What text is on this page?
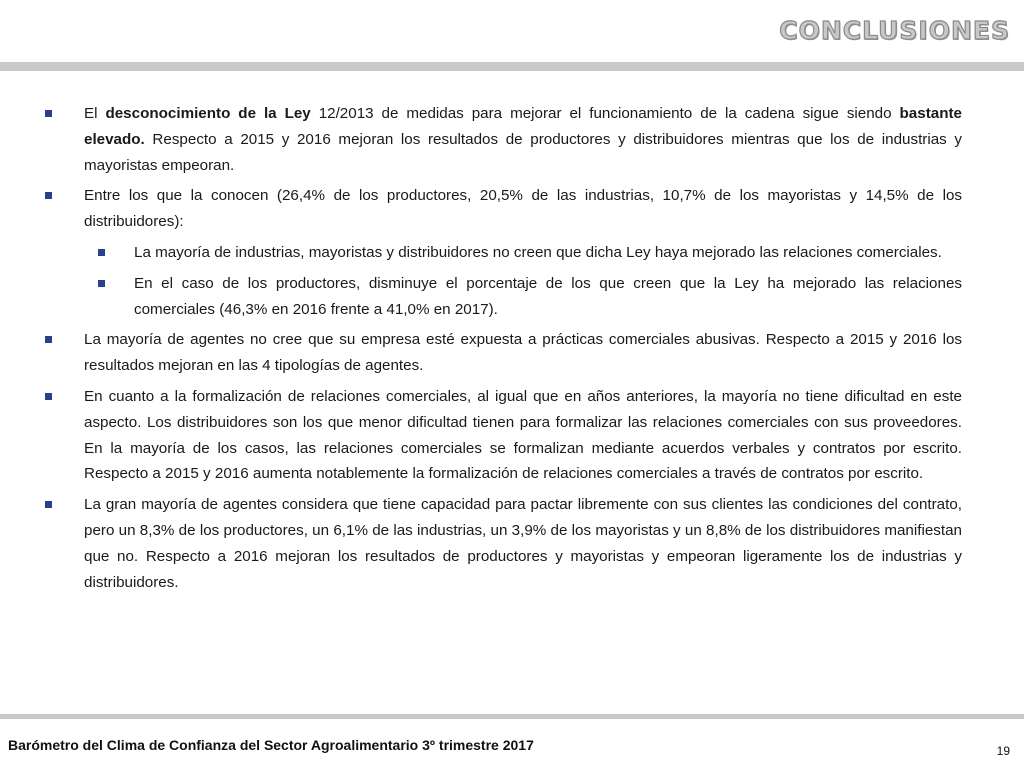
CONCLUSIONES
El desconocimiento de la Ley 12/2013 de medidas para mejorar el funcionamiento de la cadena sigue siendo bastante elevado. Respecto a 2015 y 2016 mejoran los resultados de productores y distribuidores mientras que los de industrias y mayoristas empeoran.
Entre los que la conocen (26,4% de los productores, 20,5% de las industrias, 10,7% de los mayoristas y 14,5% de los distribuidores):
La mayoría de industrias, mayoristas y distribuidores no creen que dicha Ley haya mejorado las relaciones comerciales.
En el caso de los productores, disminuye el porcentaje de los que creen que la Ley ha mejorado las relaciones comerciales (46,3% en 2016 frente a 41,0% en 2017).
La mayoría de agentes no cree que su empresa esté expuesta a prácticas comerciales abusivas. Respecto a 2015 y 2016 los resultados mejoran en las 4 tipologías de agentes.
En cuanto a la formalización de relaciones comerciales, al igual que en años anteriores, la mayoría no tiene dificultad en este aspecto. Los distribuidores son los que menor dificultad tienen para formalizar las relaciones comerciales con sus proveedores. En la mayoría de los casos, las relaciones comerciales se formalizan mediante acuerdos verbales y contratos por escrito. Respecto a 2015 y 2016 aumenta notablemente la formalización de relaciones comerciales a través de contratos por escrito.
La gran mayoría de agentes considera que tiene capacidad para pactar libremente con sus clientes las condiciones del contrato, pero un 8,3% de los productores, un 6,1% de las industrias, un 3,9% de los mayoristas y un 8,8% de los distribuidores manifiestan que no. Respecto a 2016 mejoran los resultados de productores y mayoristas y empeoran ligeramente los de industrias y distribuidores.
Barómetro del Clima de Confianza del Sector Agroalimentario 3º trimestre 2017	19
